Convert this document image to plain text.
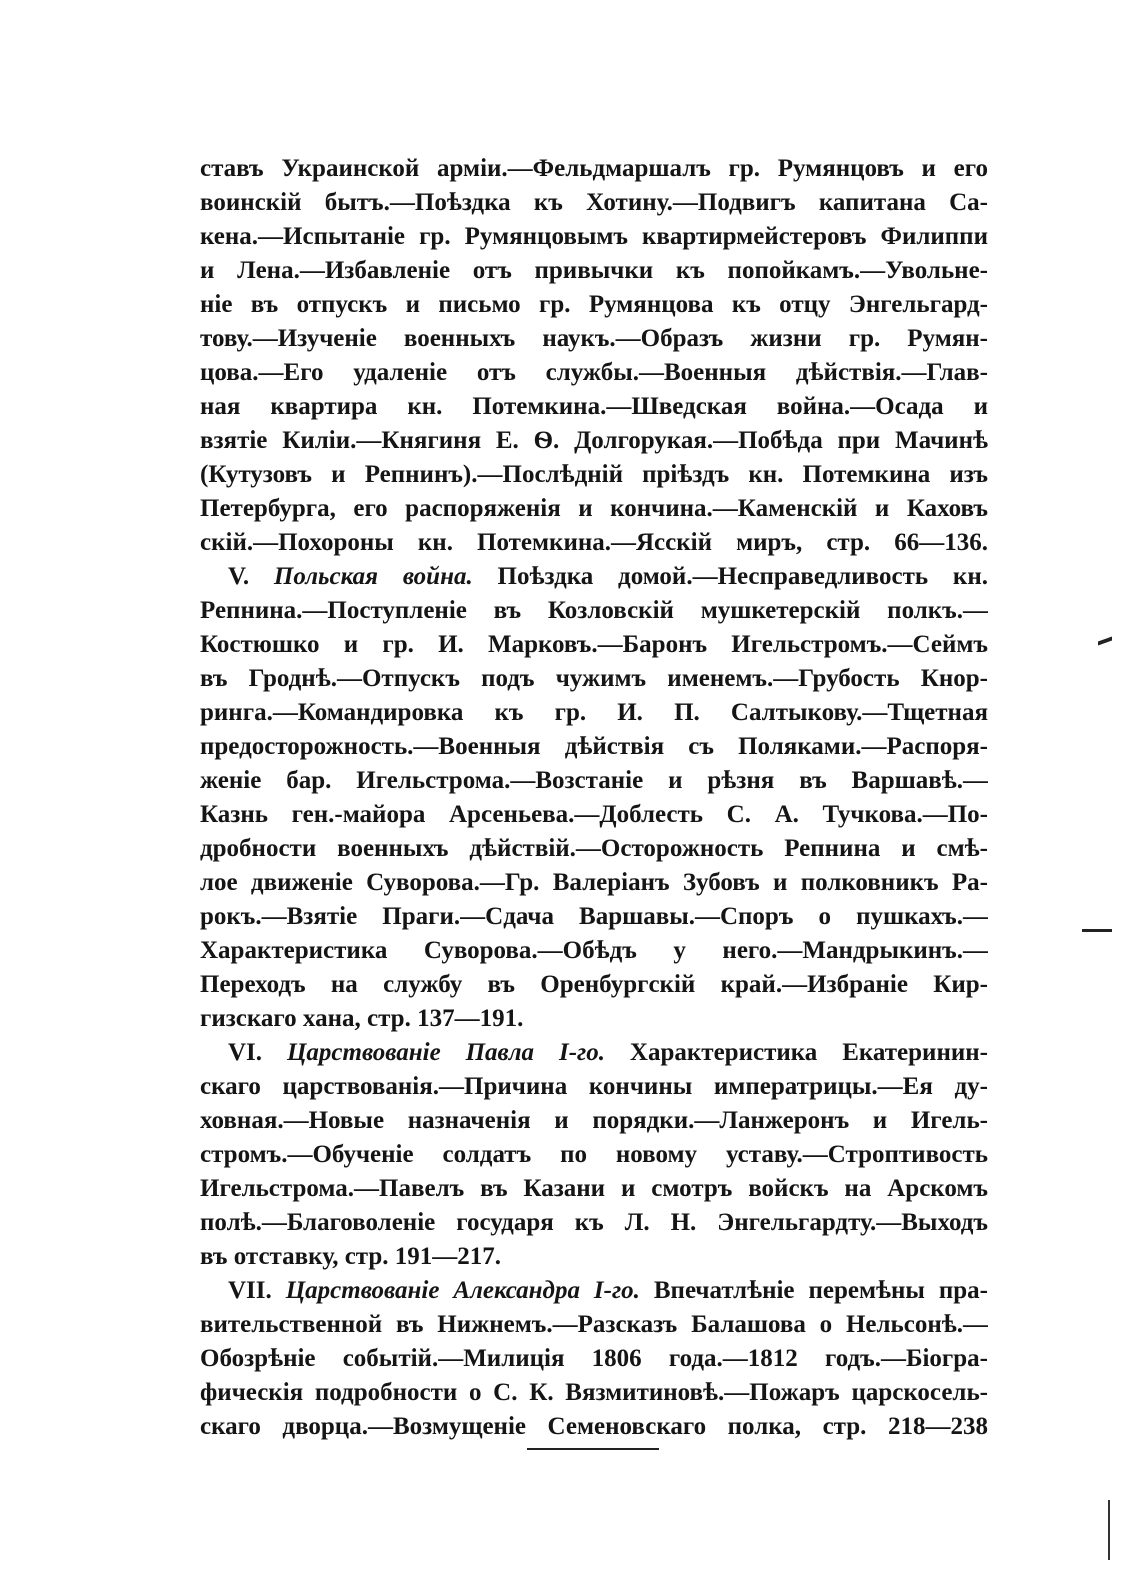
ставъ Украинской арміи.—Фельдмаршалъ гр. Румянцовъ и его
воинскій бытъ.—Поѣздка къ Хотину.—Подвигъ капитана Са-
кена.—Испытаніе гр. Румянцовымъ квартирмейстеровъ Филиппи
и Лена.—Избавленіе отъ привычки къ попойкамъ.—Увольне-
ніе въ отпускъ и письмо гр. Румянцова къ отцу Энгельгард-
тову.—Изученіе военныхъ наукъ.—Образъ жизни гр. Румян-
цова.—Его удаленіе отъ службы.—Военныя дѣйствія.—Глав-
ная квартира кн. Потемкина.—Шведская война.—Осада и
взятіе Киліи.—Княгиня Е. Ѳ. Долгорукая.—Побѣда при Мачинѣ
(Кутузовъ и Репнинъ).—Послѣдній пріѣздъ кн. Потемкина изъ
Петербурга, его распоряженія и кончина.—Каменскій и Каховъ
скій.—Похороны кн. Потемкина.—Ясскій миръ, стр. 66—136.
V. Польская война. Поѣздка домой.—Несправедливость кн.
Репнина.—Поступленіе въ Козловскій мушкетерскій полкъ.—
Костюшко и гр. И. Марковъ.—Баронъ Игельстромъ.—Сеймъ
въ Гроднѣ.—Отпускъ подъ чужимъ именемъ.—Грубость Кнор-
ринга.—Командировка къ гр. И. П. Салтыкову.—Тщетная
предосторожность.—Военныя дѣйствія съ Поляками.—Распоря-
женіе бар. Игельстрома.—Возстаніе и рѣзня въ Варшавѣ.—
Казнь ген.-майора Арсеньева.—Доблесть С. А. Тучкова.—По-
дробности военныхъ дѣйствій.—Осторожность Репнина и смѣ-
лое движеніе Суворова.—Гр. Валеріанъ Зубовъ и полковникъ Ра-
рокъ.—Взятіе Праги.—Сдача Варшавы.—Споръ о пушкахъ.—
Характеристика Суворова.—Обѣдъ у него.—Мандрыкинъ.—
Переходъ на службу въ Оренбургскій край.—Избраніе Кир-
гизскаго хана, стр. 137—191.
VI. Царствованіе Павла I-го. Характеристика Екатеринин-
скаго царствованія.—Причина кончины императрицы.—Ея ду-
ховная.—Новые назначенія и порядки.—Ланжеронъ и Игель-
стромъ.—Обученіе солдатъ по новому уставу.—Строптивость
Игельстрома.—Павелъ въ Казани и смотръ войскъ на Арскомъ
полѣ.—Благоволеніе государя къ Л. Н. Энгельгардту.—Выходъ
въ отставку, стр. 191—217.
VII. Царствованіе Александра I-го. Впечатлѣніе перемѣны пра-
вительственной въ Нижнемъ.—Разсказъ Балашова о Нельсонѣ.—
Обозрѣніе событій.—Милиція 1806 года.—1812 годъ.—Біогра-
фическія подробности о С. К. Вязмитиновѣ.—Пожаръ царскосель-
скаго дворца.—Возмущеніе Семеновскаго полка, стр. 218—238
